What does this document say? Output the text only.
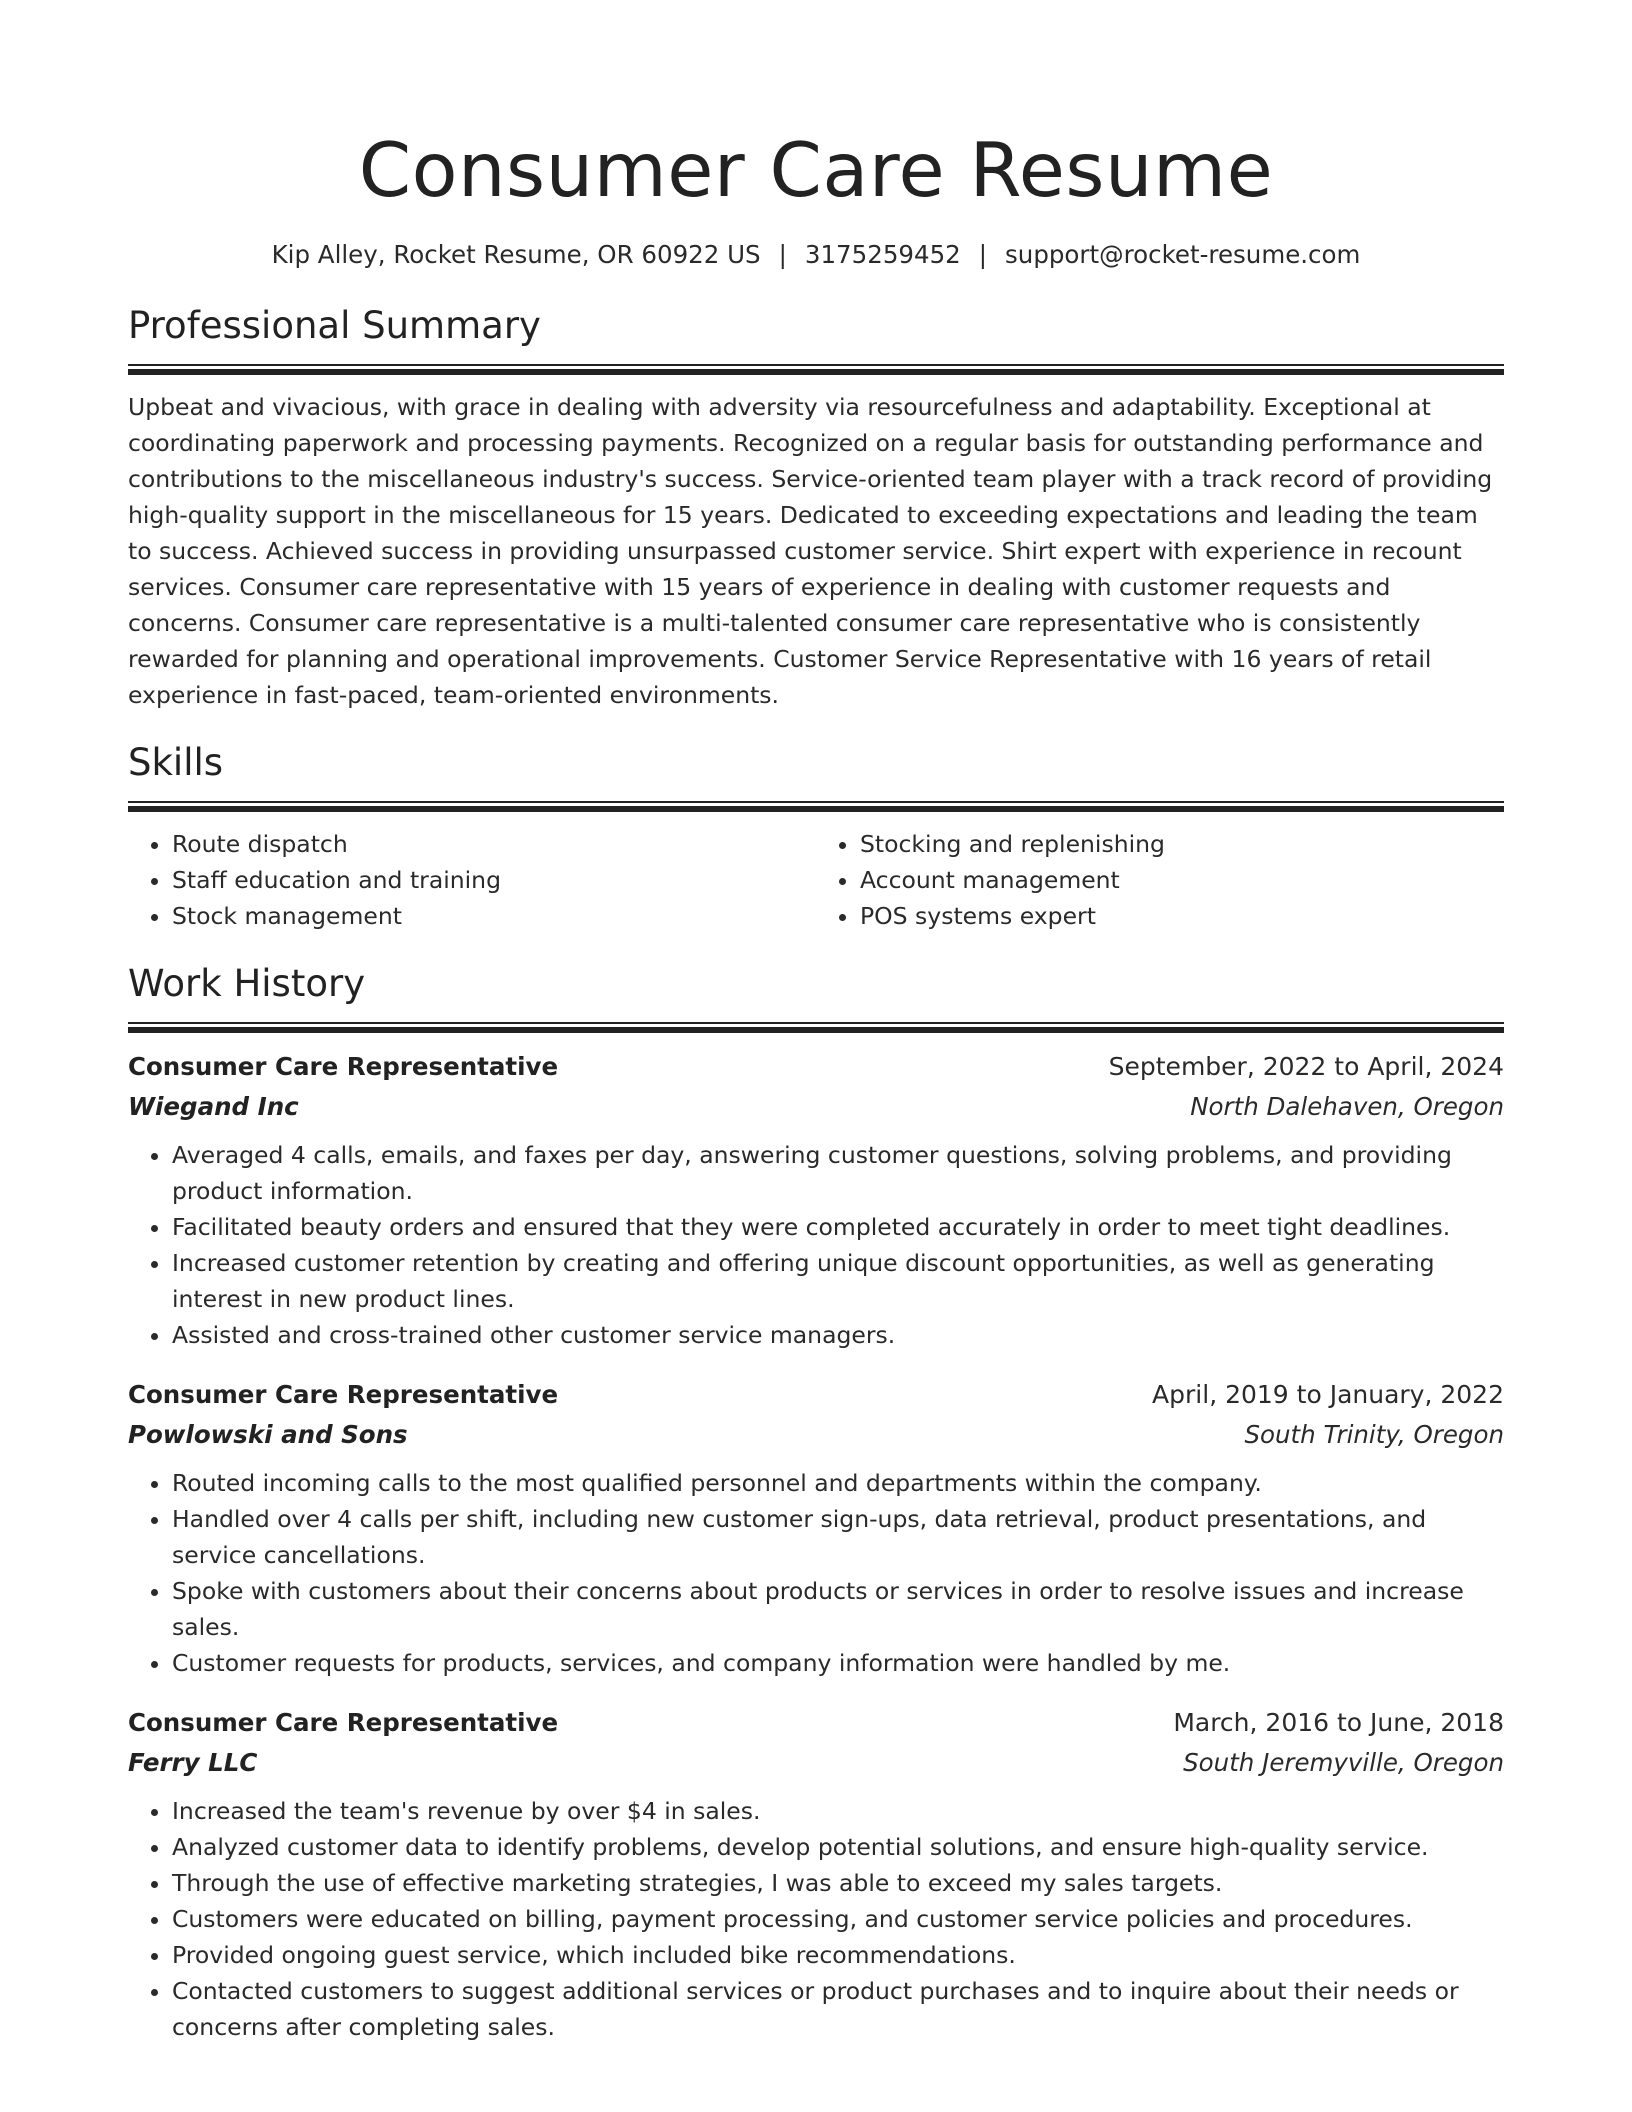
Consumer Care Resume
Kip Alley, Rocket Resume, OR 60922 US | 3175259452 | support@rocket-resume.com
Professional Summary

Upbeat and vivacious, with grace in dealing with adversity via resourcefulness and adaptability. Exceptional at coordinating paperwork and processing payments. Recognized on a regular basis for outstanding performance and contributions to the miscellaneous industry's success. Service-oriented team player with a track record of providing high-quality support in the miscellaneous for 15 years. Dedicated to exceeding expectations and leading the team to success. Achieved success in providing unsurpassed customer service. Shirt expert with experience in recount services. Consumer care representative with 15 years of experience in dealing with customer requests and concerns. Consumer care representative is a multi-talented consumer care representative who is consistently rewarded for planning and operational improvements. Customer Service Representative with 16 years of retail experience in fast-paced, team-oriented environments.

Skills
• Route dispatch
• Staff education and training
• Stock management
• Stocking and replenishing
• Account management
• POS systems expert
Work History
Consumer Care Representative	September, 2022 to April, 2024
Wiegand Inc	North Dalehaven, Oregon
• Averaged 4 calls, emails, and faxes per day, answering customer questions, solving problems, and providing product information.
• Facilitated beauty orders and ensured that they were completed accurately in order to meet tight deadlines.
• Increased customer retention by creating and offering unique discount opportunities, as well as generating interest in new product lines.
• Assisted and cross-trained other customer service managers.
Consumer Care Representative	April, 2019 to January, 2022
Powlowski and Sons	South Trinity, Oregon
• Routed incoming calls to the most qualified personnel and departments within the company.
• Handled over 4 calls per shift, including new customer sign-ups, data retrieval, product presentations, and service cancellations.
• Spoke with customers about their concerns about products or services in order to resolve issues and increase sales.
• Customer requests for products, services, and company information were handled by me.
Consumer Care Representative	March, 2016 to June, 2018
Ferry LLC	South Jeremyville, Oregon
• Increased the team's revenue by over $4 in sales.
• Analyzed customer data to identify problems, develop potential solutions, and ensure high-quality service.
• Through the use of effective marketing strategies, I was able to exceed my sales targets.
• Customers were educated on billing, payment processing, and customer service policies and procedures.
• Provided ongoing guest service, which included bike recommendations.
• Contacted customers to suggest additional services or product purchases and to inquire about their needs or concerns after completing sales.
